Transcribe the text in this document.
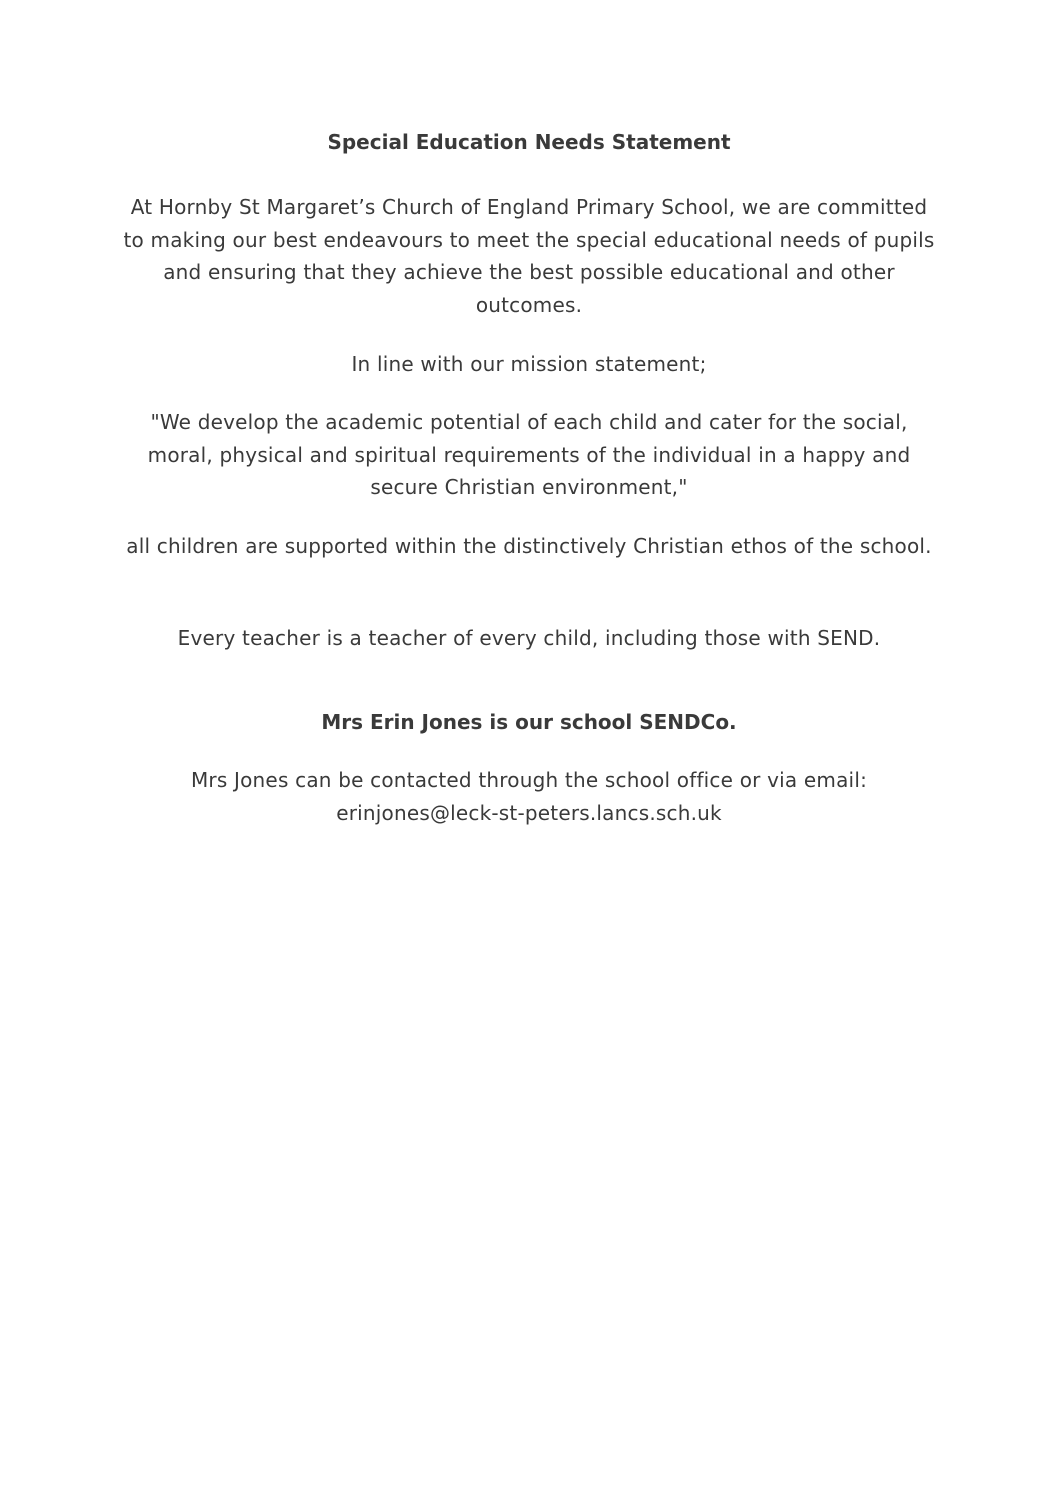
Special Education Needs Statement

At Hornby St Margaret’s Church of England Primary School, we are committed to making our best endeavours to meet the special educational needs of pupils and ensuring that they achieve the best possible educational and other outcomes.

In line with our mission statement;

"We develop the academic potential of each child and cater for the social, moral, physical and spiritual requirements of the individual in a happy and secure Christian environment,"

all children are supported within the distinctively Christian ethos of the school.

Every teacher is a teacher of every child, including those with SEND.

Mrs Erin Jones is our school SENDCo.

Mrs Jones can be contacted through the school office or via email:
erinjones@leck-st-peters.lancs.sch.uk
